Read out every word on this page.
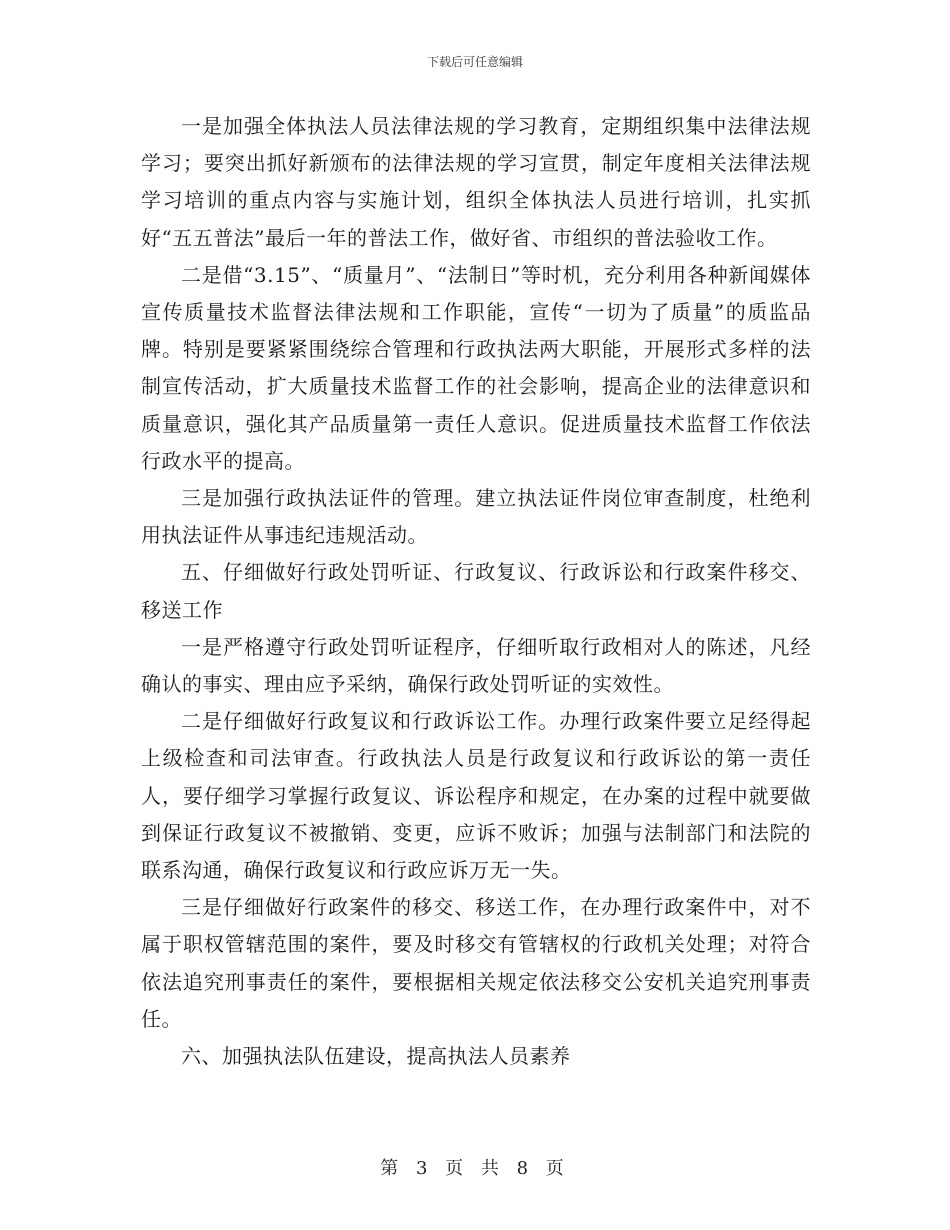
下载后可任意编辑

一是加强全体执法人员法律法规的学习教育，定期组织集中法律法规学习；要突出抓好新颁布的法律法规的学习宣贯，制定年度相关法律法规学习培训的重点内容与实施计划，组织全体执法人员进行培训，扎实抓好“五五普法”最后一年的普法工作，做好省、市组织的普法验收工作。

二是借“3.15”、“质量月”、“法制日”等时机，充分利用各种新闻媒体宣传质量技术监督法律法规和工作职能，宣传“一切为了质量”的质监品牌。特别是要紧紧围绕综合管理和行政执法两大职能，开展形式多样的法制宣传活动，扩大质量技术监督工作的社会影响，提高企业的法律意识和质量意识，强化其产品质量第一责任人意识。促进质量技术监督工作依法行政水平的提高。

三是加强行政执法证件的管理。建立执法证件岗位审查制度，杜绝利用执法证件从事违纪违规活动。

五、仔细做好行政处罚听证、行政复议、行政诉讼和行政案件移交、移送工作

一是严格遵守行政处罚听证程序，仔细听取行政相对人的陈述，凡经确认的事实、理由应予采纳，确保行政处罚听证的实效性。

二是仔细做好行政复议和行政诉讼工作。办理行政案件要立足经得起上级检查和司法审查。行政执法人员是行政复议和行政诉讼的第一责任人，要仔细学习掌握行政复议、诉讼程序和规定，在办案的过程中就要做到保证行政复议不被撤销、变更，应诉不败诉；加强与法制部门和法院的联系沟通，确保行政复议和行政应诉万无一失。

三是仔细做好行政案件的移交、移送工作，在办理行政案件中，对不属于职权管辖范围的案件，要及时移交有管辖权的行政机关处理；对符合依法追究刑事责任的案件，要根据相关规定依法移交公安机关追究刑事责任。

六、加强执法队伍建设，提高执法人员素养

第 3 页 共 8 页
